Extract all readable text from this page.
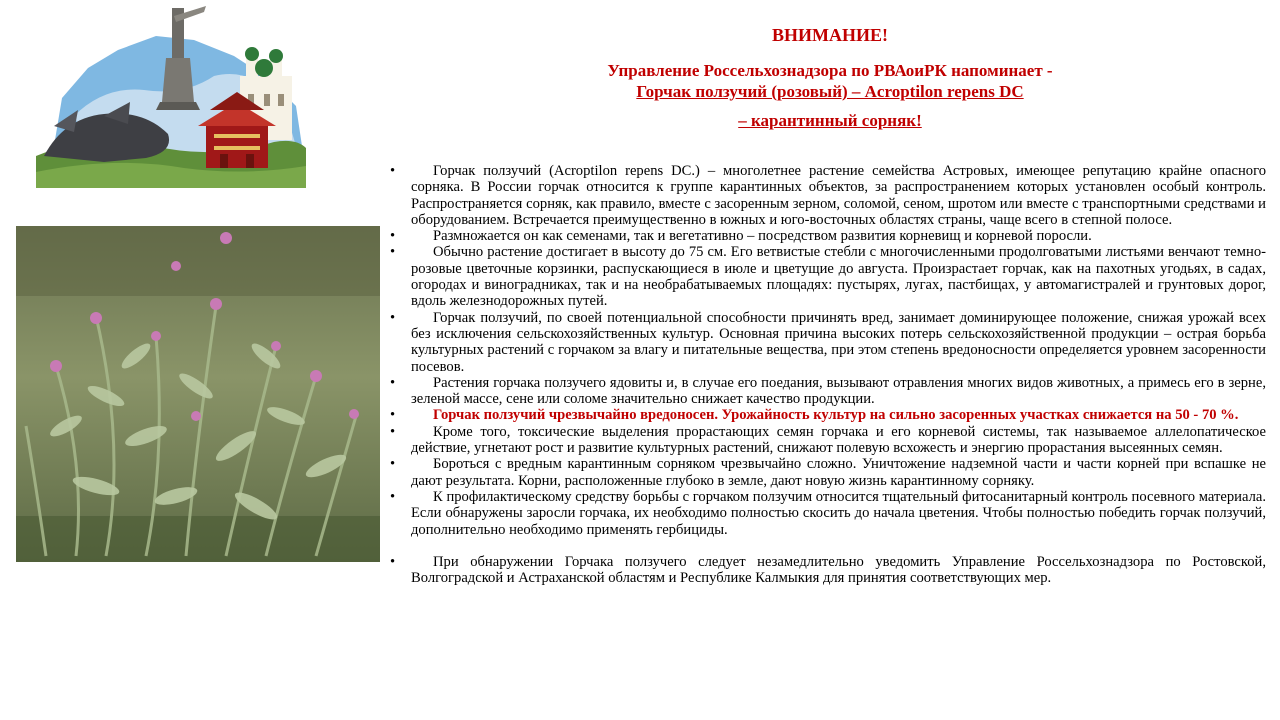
ВНИМАНИЕ!
Управление Россельхознадзора по РВАоиРК напоминает -
Горчак ползучий (розовый) – Acroptilon repens DC
– карантинный сорняк!
•	Горчак ползучий (Acroptilon repens DC.) – многолетнее растение семейства Астровых, имеющее репутацию крайне опасного сорняка. В России горчак относится к группе карантинных объектов, за распространением которых установлен особый контроль. Распространяется сорняк, как правило, вместе с засоренным зерном, соломой, сеном, шротом или вместе с транспортными средствами и оборудованием. Встречается преимущественно в южных и юго-восточных областях страны, чаще всего в степной полосе.
•	Размножается он как семенами, так и вегетативно – посредством развития корневищ и корневой поросли.
•	Обычно растение достигает в высоту до 75 см. Его ветвистые стебли с многочисленными продолговатыми листьями венчают темно-розовые цветочные корзинки, распускающиеся в июле и цветущие до августа. Произрастает горчак, как на пахотных угодьях, в садах, огородах и виноградниках, так и на необрабатываемых площадях: пустырях, лугах, пастбищах, у автомагистралей и грунтовых дорог, вдоль железнодорожных путей.
•	Горчак ползучий, по своей потенциальной способности причинять вред, занимает доминирующее положение, снижая урожай всех без исключения сельскохозяйственных культур. Основная причина высоких потерь сельскохозяйственной продукции – острая борьба культурных растений с горчаком за влагу и питательные вещества, при этом степень вредоносности определяется уровнем засоренности посевов.
•	Растения горчака ползучего ядовиты и, в случае его поедания, вызывают отравления многих видов животных, а примесь его в зерне, зеленой массе, сене или соломе значительно снижает качество продукции.
•	Горчак ползучий чрезвычайно вредоносен. Урожайность культур на сильно засоренных участках снижается на 50 - 70 %.
•	Кроме того, токсические выделения прорастающих семян горчака и его корневой системы, так называемое аллелопатическое действие, угнетают рост и развитие культурных растений, снижают полевую всхожесть и энергию прорастания высеянных семян.
•	Бороться с вредным карантинным сорняком чрезвычайно сложно. Уничтожение надземной части и части корней при вспашке не дают результата. Корни, расположенные глубоко в земле, дают новую жизнь карантинному сорняку.
•	К профилактическому средству борьбы с горчаком ползучим относится тщательный фитосанитарный контроль посевного материала. Если обнаружены заросли горчака, их необходимо полностью скосить до начала цветения. Чтобы полностью победить горчак ползучий, дополнительно необходимо применять гербициды.
•	При обнаружении Горчака ползучего следует незамедлительно уведомить Управление Россельхознадзора по Ростовской, Волгоградской и Астраханской областям и Республике Калмыкия для принятия соответствующих мер.
